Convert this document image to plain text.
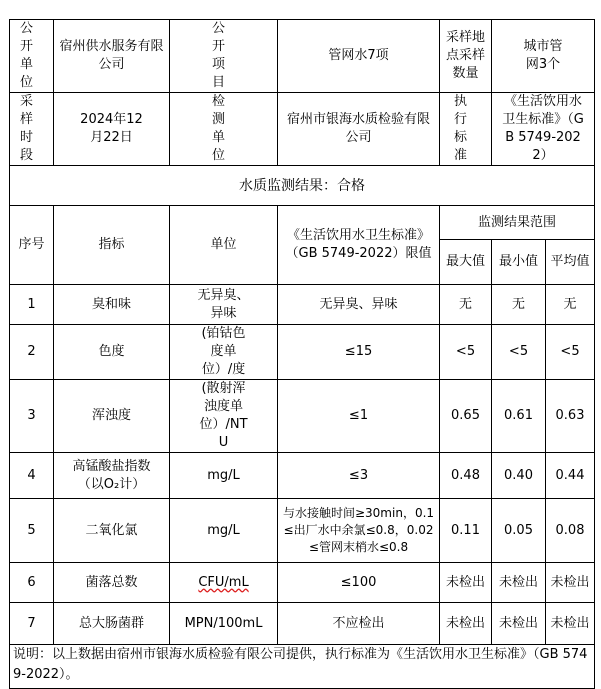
公开单位	宿州供水服务有限公司	公开项目	管网水7项	采样地点采样数量	城市管网3个	
采样时段	2024年12月22日	检测单位	宿州市银海水质检验有限公司	执行标准	《生活饮用水卫生标准》（GB 5749-2022）	
水质监测结果：合格						
序号	指标	单位	《生活饮用水卫生标准》（GB 5749-2022）限值	监测结果范围		
				最大值	最小值	平均值
1	臭和味	无异臭、异味	无异臭、异味	无	无	无
2	色度	(铂钴色度单位）/度	≤15	<5	<5	<5
3	浑浊度	(散射浑浊度单位）/NTU	≤1	0.65	0.61	0.63
4	高锰酸盐指数（以O₂计）	mg/L	≤3	0.48	0.40	0.44
5	二氧化氯	mg/L	与水接触时间≥30min，0.1≤出厂水中余氯≤0.8，0.02≤管网末梢水≤0.8	0.11	0.05	0.08
6	菌落总数	CFU/mL	≤100	未检出	未检出	未检出
7	总大肠菌群	MPN/100mL	不应检出	未检出	未检出	未检出
说明：以上数据由宿州市银海水质检验有限公司提供，执行标准为《生活饮用水卫生标准》（GB 5749-2022）。						
